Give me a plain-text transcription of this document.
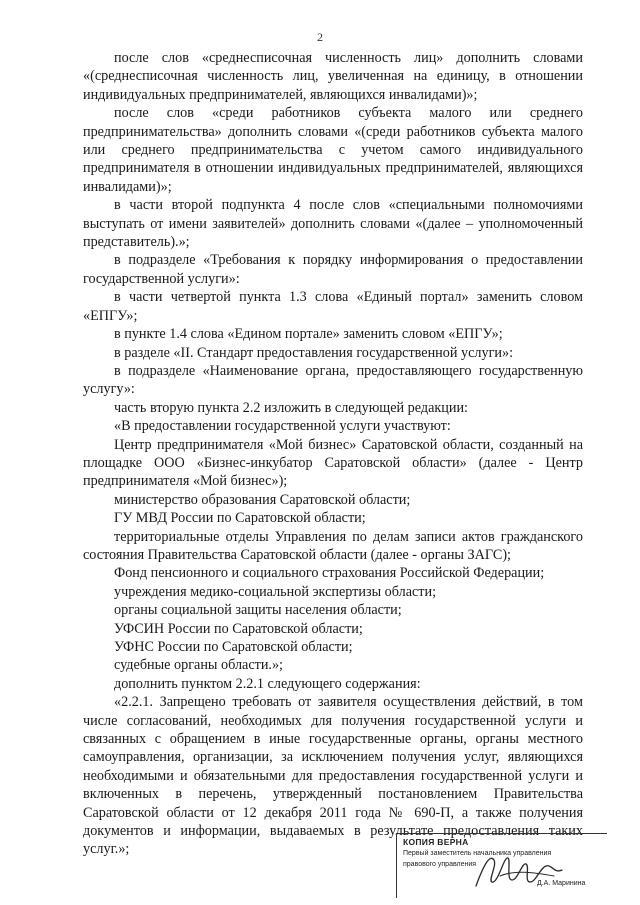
2

после слов «среднесписочная численность лиц» дополнить словами «(среднесписочная численность лиц, увеличенная на единицу, в отношении индивидуальных предпринимателей, являющихся инвалидами)»;

после слов «среди работников субъекта малого или среднего предпринимательства» дополнить словами «(среди работников субъекта малого или среднего предпринимательства с учетом самого индивидуального предпринимателя в отношении индивидуальных предпринимателей, являющихся инвалидами)»;

в части второй подпункта 4 после слов «специальными полномочиями выступать от имени заявителей» дополнить словами «(далее – уполномоченный представитель).»;

в подразделе «Требования к порядку информирования о предоставлении государственной услуги»:

в части четвертой пункта 1.3 слова «Единый портал» заменить словом «ЕПГУ»;

в пункте 1.4 слова «Едином портале» заменить словом «ЕПГУ»;

в разделе «II. Стандарт предоставления государственной услуги»:

в подразделе «Наименование органа, предоставляющего государственную услугу»:

часть вторую пункта 2.2 изложить в следующей редакции:

«В предоставлении государственной услуги участвуют:

Центр предпринимателя «Мой бизнес» Саратовской области, созданный на площадке ООО «Бизнес-инкубатор Саратовской области» (далее - Центр предпринимателя «Мой бизнес»);

министерство образования Саратовской области;

ГУ МВД России по Саратовской области;

территориальные отделы Управления по делам записи актов гражданского состояния Правительства Саратовской области (далее - органы ЗАГС);

Фонд пенсионного и социального страхования Российской Федерации;

учреждения медико-социальной экспертизы области;

органы социальной защиты населения области;

УФСИН России по Саратовской области;

УФНС России по Саратовской области;

судебные органы области.»;

дополнить пунктом 2.2.1 следующего содержания:

«2.2.1. Запрещено требовать от заявителя осуществления действий, в том числе согласований, необходимых для получения государственной услуги и связанных с обращением в иные государственные органы, органы местного самоуправления, организации, за исключением получения услуг, являющихся необходимыми и обязательными для предоставления государственной услуги и включенных в перечень, утвержденный постановлением Правительства Саратовской области от 12 декабря 2011 года № 690-П, а также получения документов и информации, выдаваемых в результате предоставления таких услуг.»;	КОПИЯ ВЕРНА
Первый заместитель начальника управления
правового управления
Д.А. Маринина
